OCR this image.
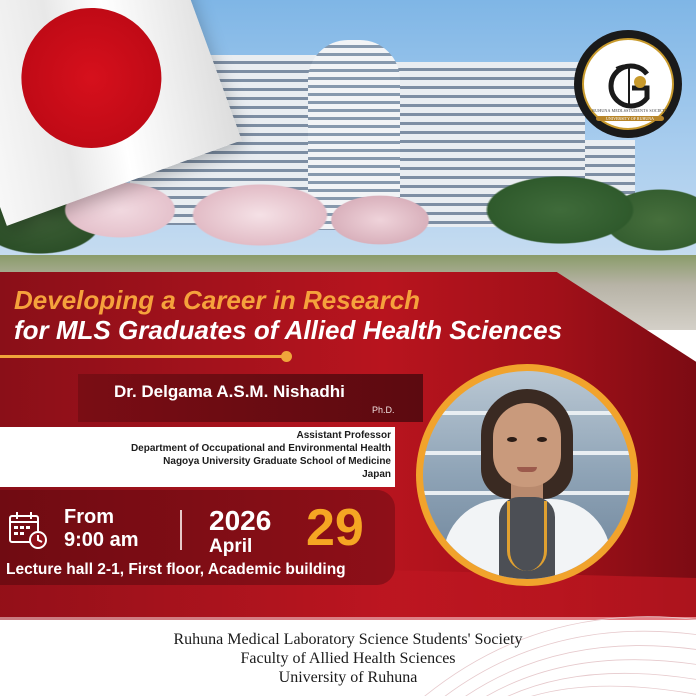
RUHUNA MEDLSSTUDENTS SOCIETY
UNIVERSITY OF RUHUNA
Developing a Career in Research
for MLS Graduates of Allied Health Sciences
Dr. Delgama A.S.M. Nishadhi
Ph.D.
Assistant Professor
Department of Occupational and Environmental Health
Nagoya University Graduate School of Medicine
Japan
From
9:00 am
2026
April 29
Lecture hall 2-1, First floor, Academic building
Ruhuna Medical Laboratory Science Students' Society
Faculty of Allied Health Sciences
University of Ruhuna
